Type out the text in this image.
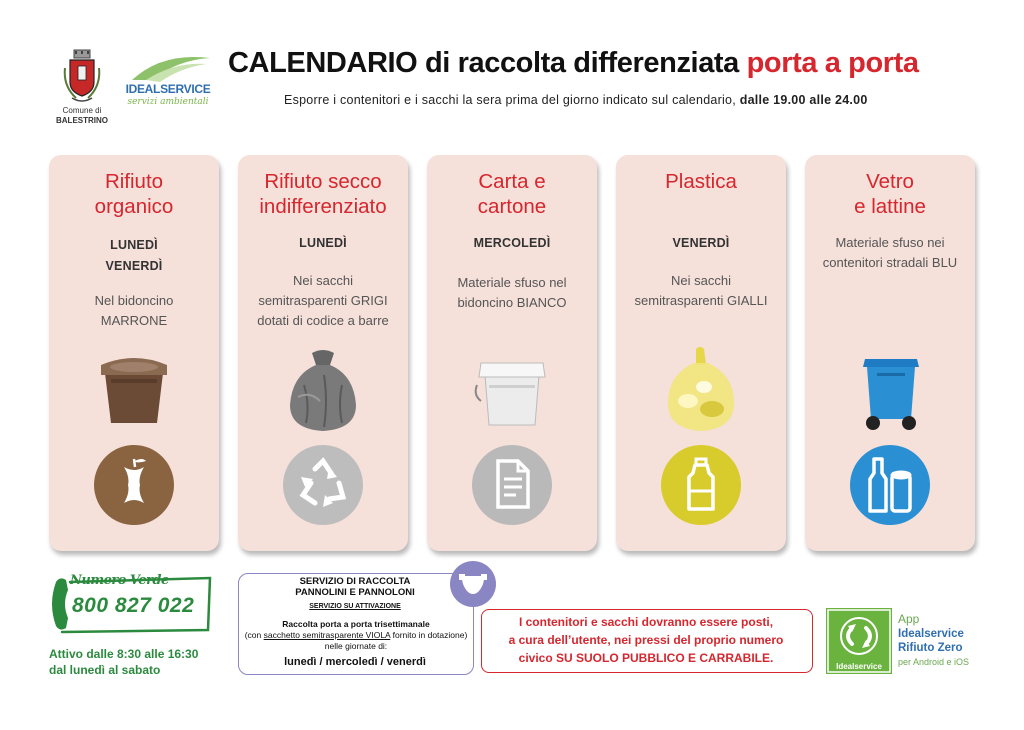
Comune di
BALESTRINO
IDEALSERVICE
servizi ambientali
CALENDARIO di raccolta differenziata porta a porta
Esporre i contenitori e i sacchi la sera prima del giorno indicato sul calendario, dalle 19.00 alle 24.00
Rifiuto
organico
LUNEDÌ
VENERDÌ
Nel bidoncino
MARRONE
Rifiuto secco
indifferenziato
LUNEDÌ
Nei sacchi
semitrasparenti GRIGI
dotati di codice a barre
Carta e
cartone
MERCOLEDÌ
Materiale sfuso nel
bidoncino BIANCO
Plastica
VENERDÌ
Nei sacchi
semitrasparenti GIALLI
Vetro
e lattine
Materiale sfuso nei
contenitori stradali BLU
Numero Verde
800 827 022
Attivo dalle 8:30 alle 16:30
dal lunedì al sabato
SERVIZIO DI RACCOLTA
PANNOLINI E PANNOLONI
SERVIZIO SU ATTIVAZIONE
Raccolta porta a porta trisettimanale
(con sacchetto semitrasparente VIOLA fornito in dotazione) nelle giornate di:
lunedì / mercoledì / venerdì
I contenitori e sacchi dovranno essere posti,
a cura dell’utente, nei pressi del proprio numero
civico SU SUOLO PUBBLICO E CARRABILE.
Idealservice
App
Idealservice
Rifiuto Zero
per Android e iOS
